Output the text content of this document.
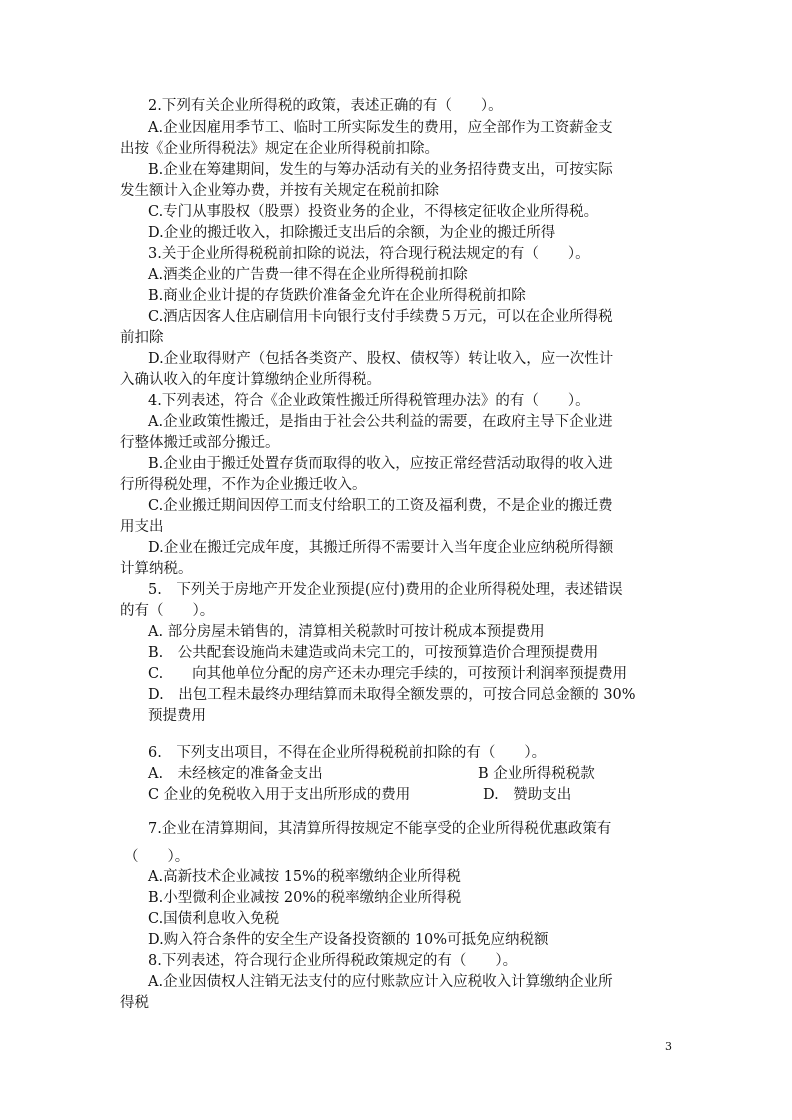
2.下列有关企业所得税的政策，表述正确的有（　　）。
A.企业因雇用季节工、临时工所实际发生的费用，应全部作为工资薪金支
出按《企业所得税法》规定在企业所得税前扣除。
B.企业在筹建期间，发生的与筹办活动有关的业务招待费支出，可按实际
发生额计入企业筹办费，并按有关规定在税前扣除
C.专门从事股权（股票）投资业务的企业，不得核定征收企业所得税。
D.企业的搬迁收入，扣除搬迁支出后的余额，为企业的搬迁所得
3.关于企业所得税税前扣除的说法，符合现行税法规定的有（　　）。
A.酒类企业的广告费一律不得在企业所得税前扣除
B.商业企业计提的存货跌价准备金允许在企业所得税前扣除
C.酒店因客人住店刷信用卡向银行支付手续费５万元，可以在企业所得税
前扣除
D.企业取得财产（包括各类资产、股权、债权等）转让收入，应一次性计
入确认收入的年度计算缴纳企业所得税。
4.下列表述，符合《企业政策性搬迁所得税管理办法》的有（　　）。
A.企业政策性搬迁，是指由于社会公共利益的需要，在政府主导下企业进
行整体搬迁或部分搬迁。
B.企业由于搬迁处置存货而取得的收入，应按正常经营活动取得的收入进
行所得税处理，不作为企业搬迁收入。
C.企业搬迁期间因停工而支付给职工的工资及福利费，不是企业的搬迁费
用支出
D.企业在搬迁完成年度，其搬迁所得不需要计入当年度企业应纳税所得额
计算纳税。
5.　下列关于房地产开发企业预提(应付)费用的企业所得税处理，表述错误
的有（　　）。
A. 部分房屋未销售的，清算相关税款时可按计税成本预提费用
B.　公共配套设施尚未建造或尚未完工的，可按预算造价合理预提费用
C.　　向其他单位分配的房产还未办理完手续的，可按预计利润率预提费用
D.　出包工程未最终办理结算而未取得全额发票的，可按合同总金额的 30%
预提费用
6.　下列支出项目，不得在企业所得税税前扣除的有（　　）。
A.　未经核定的准备金支出	B 企业所得税税款
C 企业的免税收入用于支出所形成的费用	D.　赞助支出
7.企业在清算期间，其清算所得按规定不能享受的企业所得税优惠政策有
（　　）。
A.高新技术企业减按 15%的税率缴纳企业所得税
B.小型微利企业减按 20%的税率缴纳企业所得税
C.国债利息收入免税
D.购入符合条件的安全生产设备投资额的 10%可抵免应纳税额
8.下列表述，符合现行企业所得税政策规定的有（　　）。
A.企业因债权人注销无法支付的应付账款应计入应税收入计算缴纳企业所
得税
3
